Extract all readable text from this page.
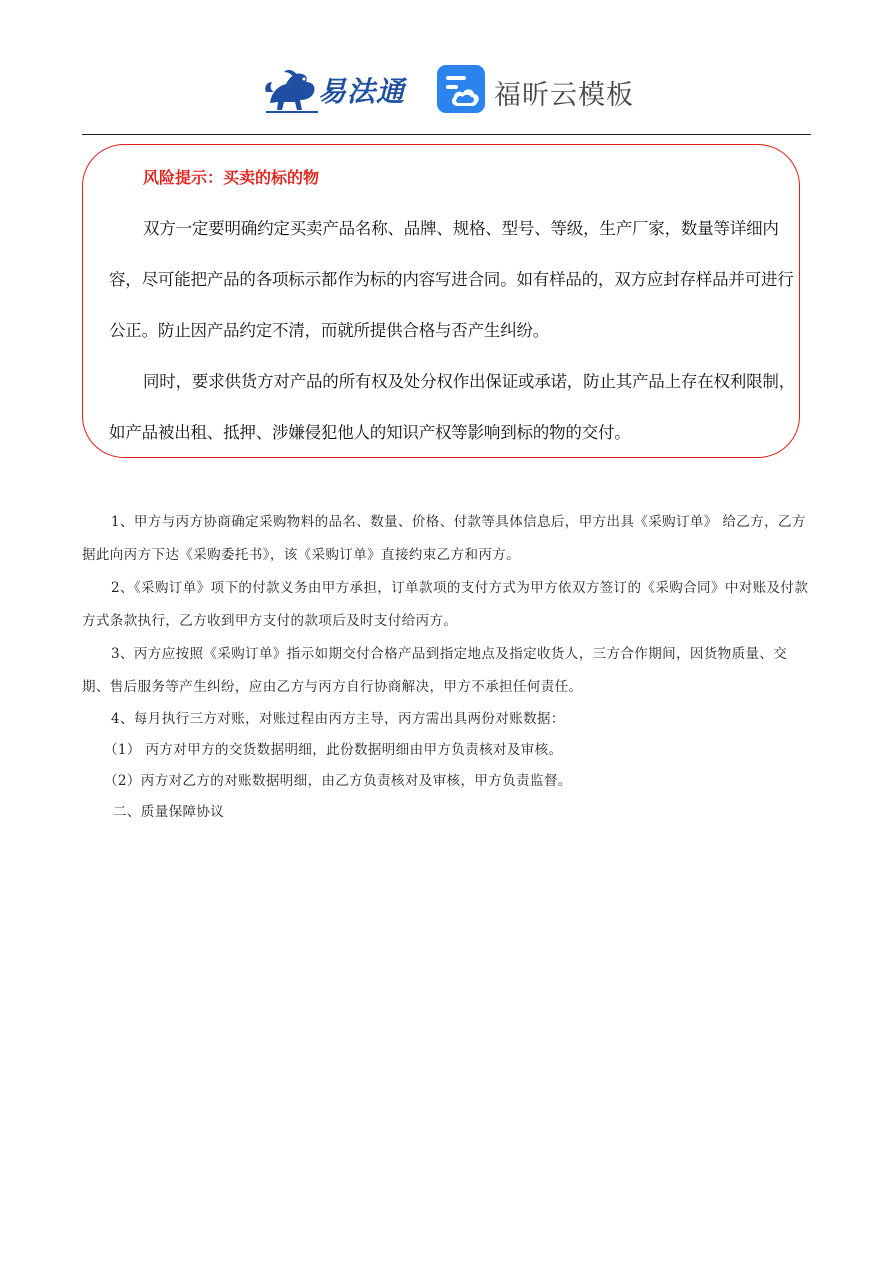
易法通	福昕云模板
风险提示：买卖的标的物

双方一定要明确约定买卖产品名称、品牌、规格、型号、等级，生产厂家，数量等详细内容，尽可能把产品的各项标示都作为标的内容写进合同。如有样品的，双方应封存样品并可进行公正。防止因产品约定不清，而就所提供合格与否产生纠纷。

同时，要求供货方对产品的所有权及处分权作出保证或承诺，防止其产品上存在权利限制，如产品被出租、抵押、涉嫌侵犯他人的知识产权等影响到标的物的交付。

1、甲方与丙方协商确定采购物料的品名、数量、价格、付款等具体信息后，甲方出具《采购订单》 给乙方，乙方据此向丙方下达《采购委托书》，该《采购订单》直接约束乙方和丙方。

2、《采购订单》项下的付款义务由甲方承担，订单款项的支付方式为甲方依双方签订的《采购合同》中对账及付款方式条款执行，乙方收到甲方支付的款项后及时支付给丙方。

3、丙方应按照《采购订单》指示如期交付合格产品到指定地点及指定收货人，三方合作期间，因货物质量、交期、售后服务等产生纠纷，应由乙方与丙方自行协商解决，甲方不承担任何责任。

4、每月执行三方对账，对账过程由丙方主导，丙方需出具两份对账数据：

（1） 丙方对甲方的交货数据明细，此份数据明细由甲方负责核对及审核。

（2）丙方对乙方的对账数据明细，由乙方负责核对及审核，甲方负责监督。

二、质量保障协议
